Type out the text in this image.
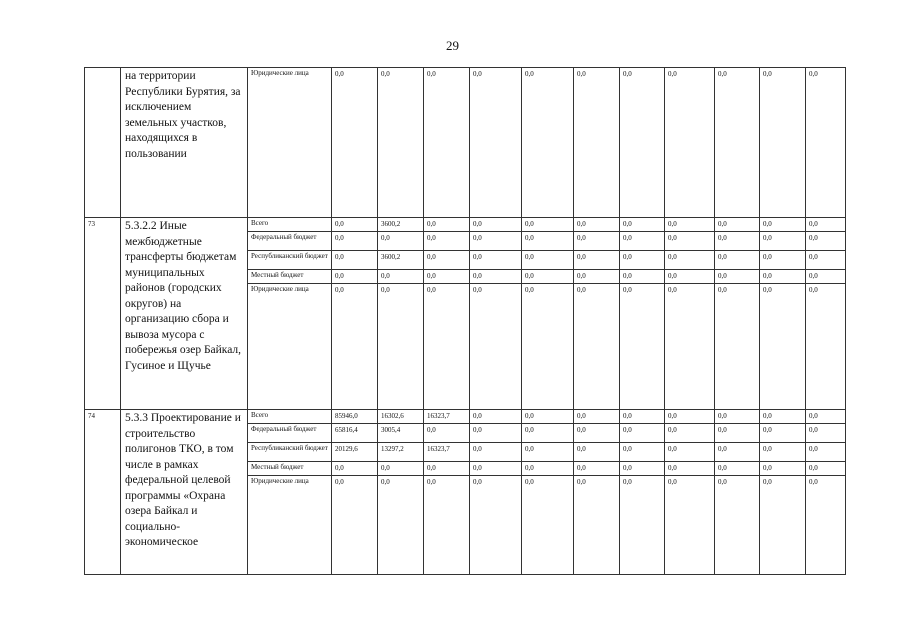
29
	на территории Республики Бурятия, за исключением земельных участков, находящихся в пользовании	Юридические лица	0,0	0,0	0,0	0,0	0,0	0,0	0,0	0,0	0,0	0,0	0,0
73	5.3.2.2 Иные межбюджетные трансферты бюджетам муниципальных районов (городских округов) на организацию сбора и вывоза мусора с побережья озер Байкал, Гусиное и Щучье	Всего	0,0	3600,2	0,0	0,0	0,0	0,0	0,0	0,0	0,0	0,0	0,0
		Федеральный бюджет	0,0	0,0	0,0	0,0	0,0	0,0	0,0	0,0	0,0	0,0	0,0
		Республиканский бюджет	0,0	3600,2	0,0	0,0	0,0	0,0	0,0	0,0	0,0	0,0	0,0
		Местный бюджет	0,0	0,0	0,0	0,0	0,0	0,0	0,0	0,0	0,0	0,0	0,0
		Юридические лица	0,0	0,0	0,0	0,0	0,0	0,0	0,0	0,0	0,0	0,0	0,0
74	5.3.3 Проектирование и строительство полигонов ТКО, в том числе в рамках федеральной целевой программы «Охрана озера Байкал и социально-экономическое	Всего	85946,0	16302,6	16323,7	0,0	0,0	0,0	0,0	0,0	0,0	0,0	0,0
		Федеральный бюджет	65816,4	3005,4	0,0	0,0	0,0	0,0	0,0	0,0	0,0	0,0	0,0
		Республиканский бюджет	20129,6	13297,2	16323,7	0,0	0,0	0,0	0,0	0,0	0,0	0,0	0,0
		Местный бюджет	0,0	0,0	0,0	0,0	0,0	0,0	0,0	0,0	0,0	0,0	0,0
		Юридические лица	0,0	0,0	0,0	0,0	0,0	0,0	0,0	0,0	0,0	0,0	0,0
